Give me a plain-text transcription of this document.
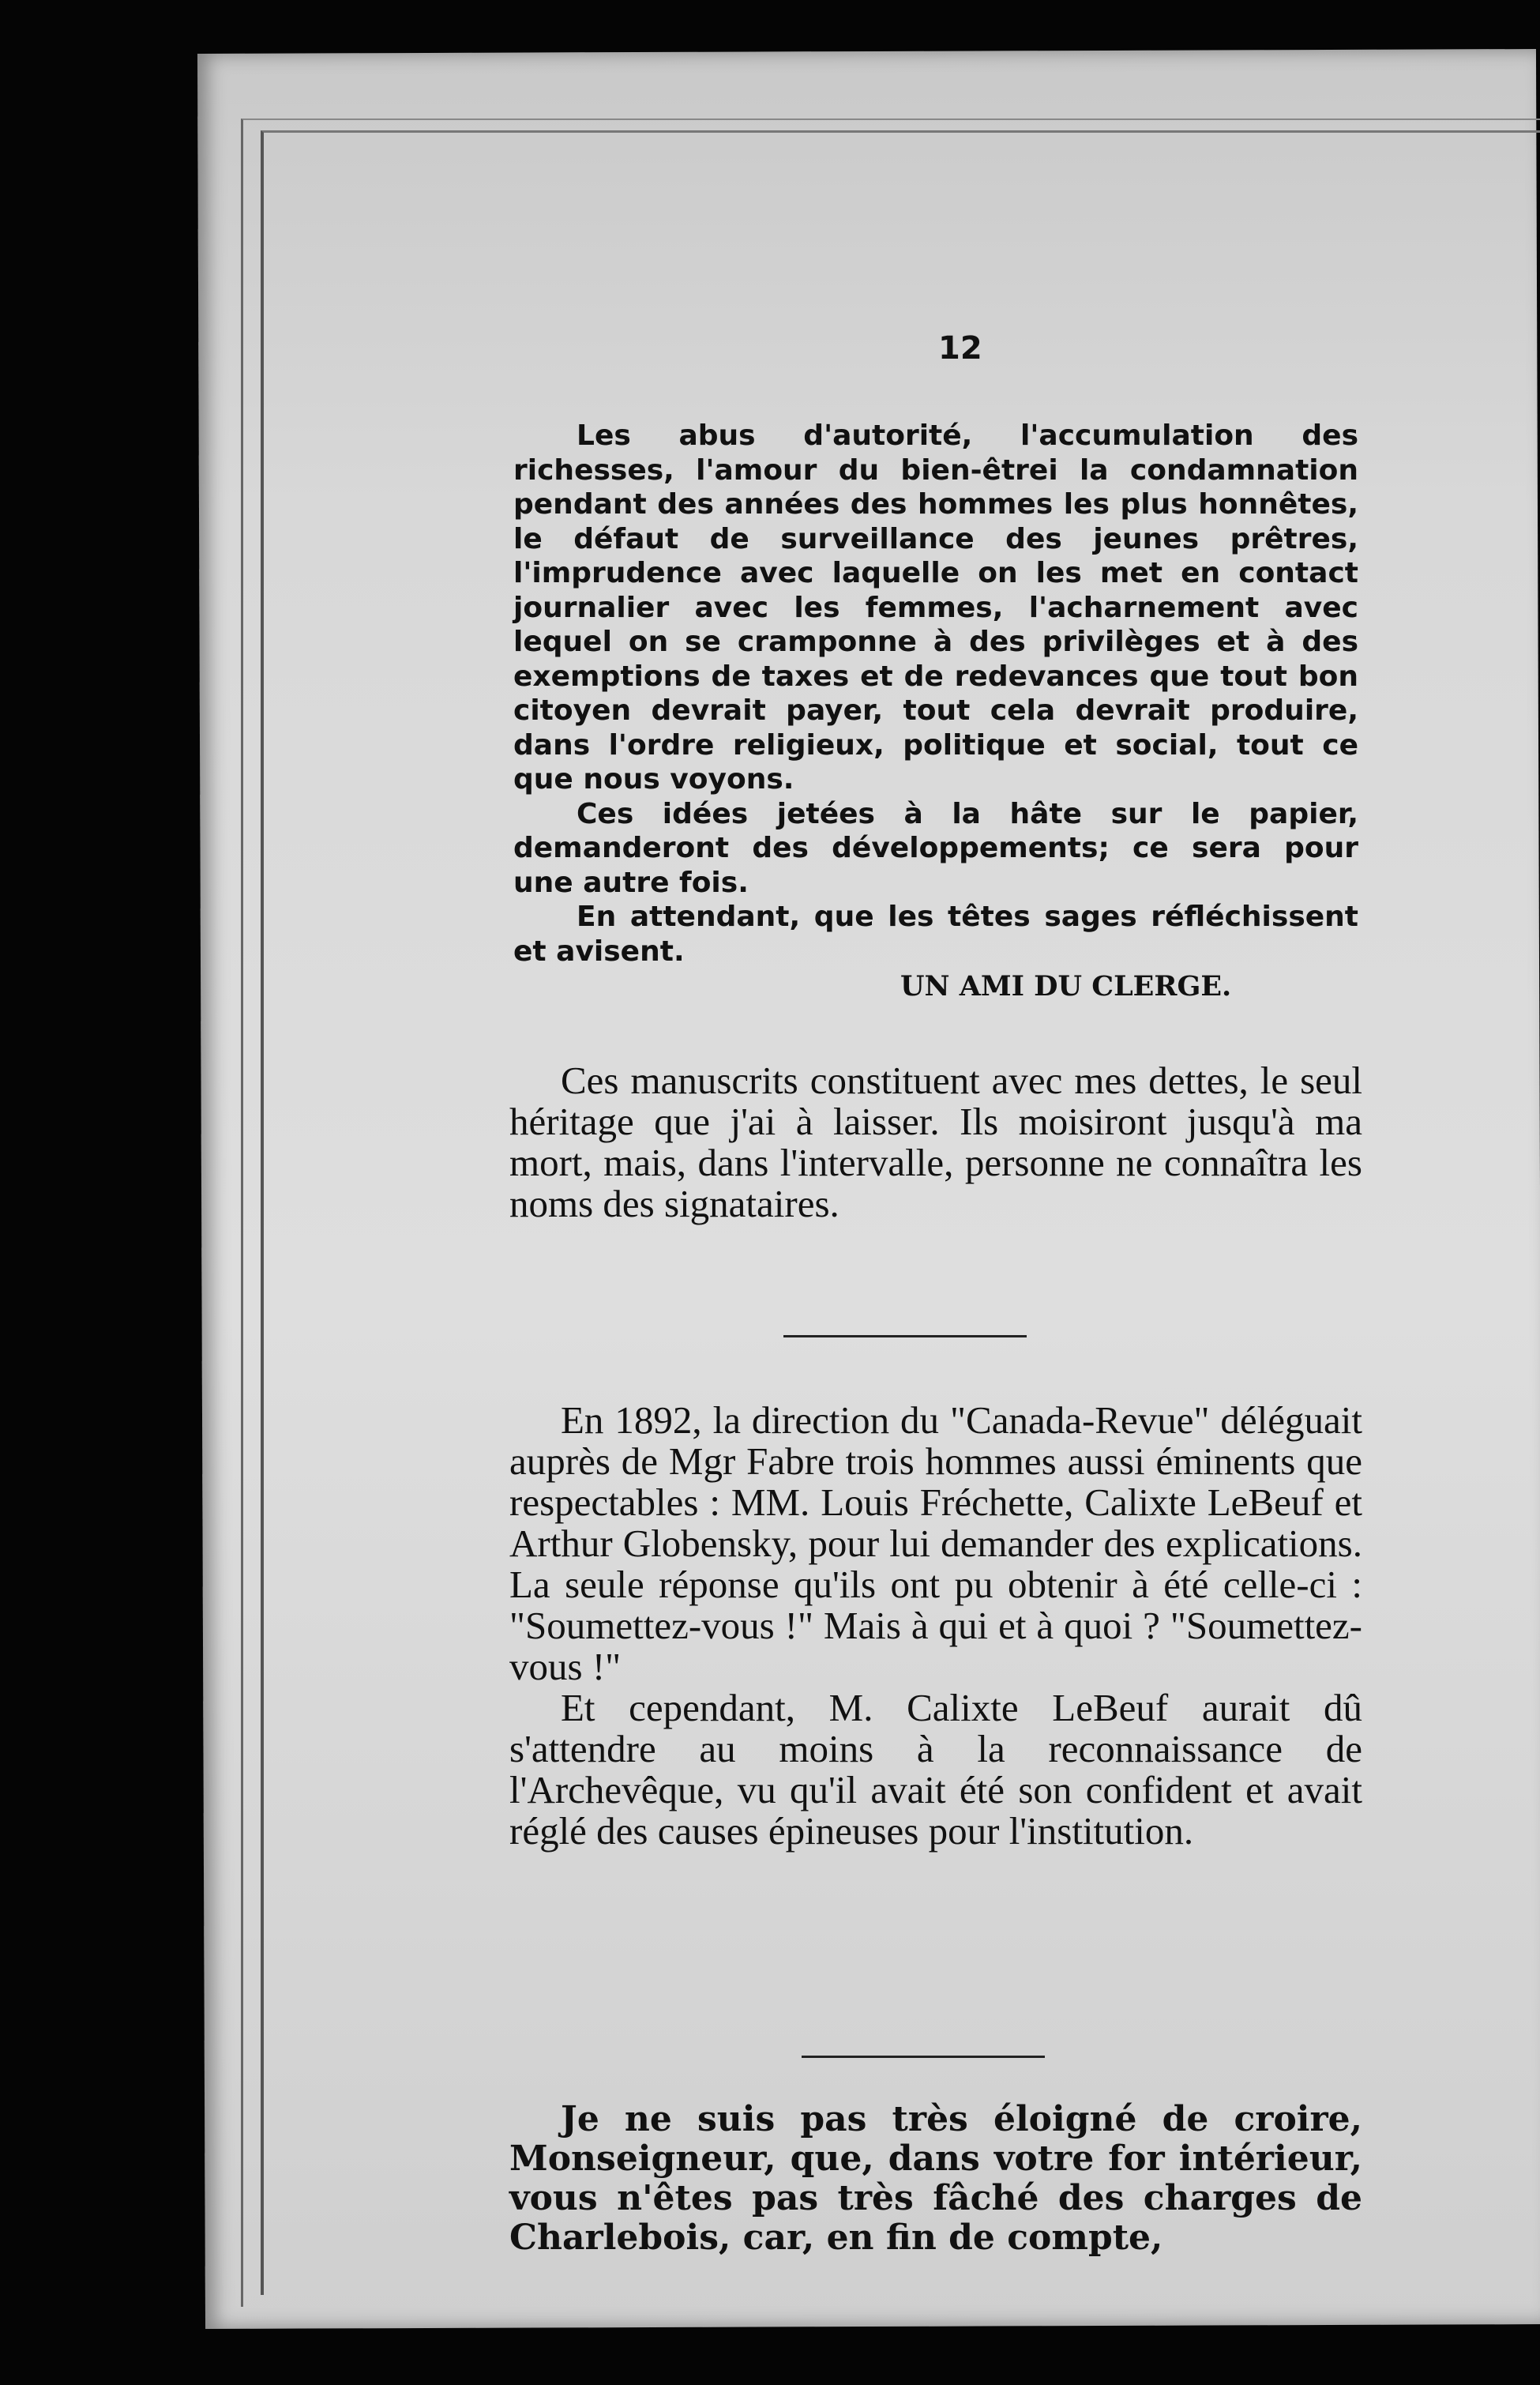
12

Les abus d'autorité, l'accumulation des richesses, l'amour du bien-êtrei la condamnation pendant des années des hommes les plus honnêtes, le défaut de surveillance des jeunes prêtres, l'imprudence avec laquelle on les met en contact journalier avec les femmes, l'acharnement avec lequel on se cramponne à des privilèges et à des exemptions de taxes et de redevances que tout bon citoyen devrait payer, tout cela devrait produire, dans l'ordre religieux, politique et social, tout ce que nous voyons.

Ces idées jetées à la hâte sur le papier, demanderont des développements; ce sera pour une autre fois.

En attendant, que les têtes sages réfléchissent et avisent.

UN AMI DU CLERGE.

Ces manuscrits constituent avec mes dettes, le seul héritage que j'ai à laisser. Ils moisiront jusqu'à ma mort, mais, dans l'intervalle, personne ne connaîtra les noms des signataires.

En 1892, la direction du "Canada-Revue" déléguait auprès de Mgr Fabre trois hommes aussi éminents que respectables : MM. Louis Fréchette, Calixte LeBeuf et Arthur Globensky, pour lui demander des explications. La seule réponse qu'ils ont pu obtenir à été celle-ci : "Soumettez-vous !" Mais à qui et à quoi ? "Soumettez-vous !"

Et cependant, M. Calixte LeBeuf aurait dû s'attendre au moins à la reconnaissance de l'Archevêque, vu qu'il avait été son confident et avait réglé des causes épineuses pour l'institution.

Je ne suis pas très éloigné de croire, Monseigneur, que, dans votre for intérieur, vous n'êtes pas très fâché des charges de Charlebois, car, en fin de compte,
